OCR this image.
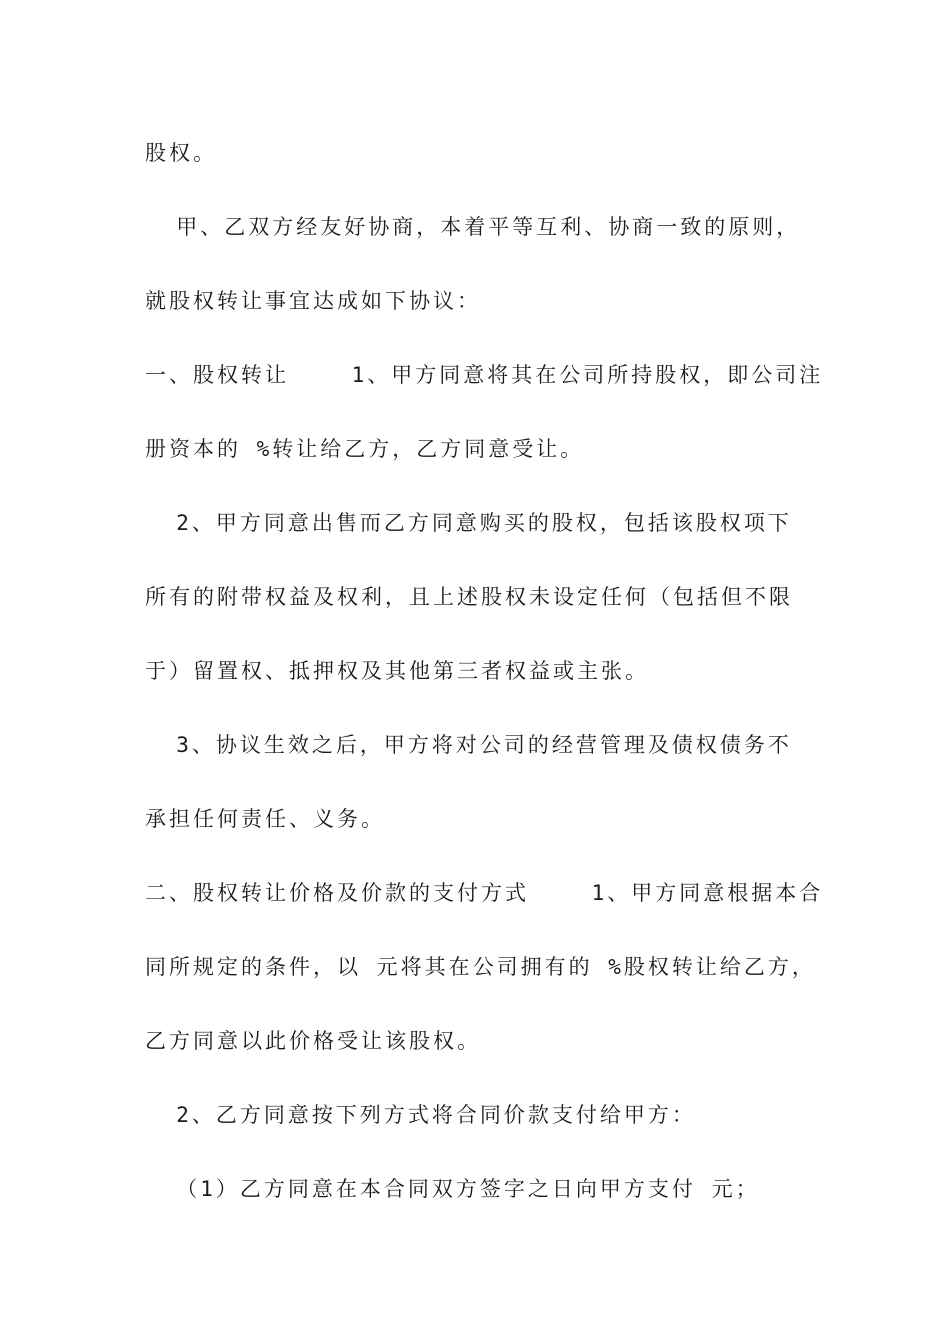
股权。
甲、乙双方经友好协商，本着平等互利、协商一致的原则，
就股权转让事宜达成如下协议：
一、股权转让    1、甲方同意将其在公司所持股权，即公司注
册资本的 %转让给乙方，乙方同意受让。
2、甲方同意出售而乙方同意购买的股权，包括该股权项下
所有的附带权益及权利，且上述股权未设定任何（包括但不限
于）留置权、抵押权及其他第三者权益或主张。
3、协议生效之后，甲方将对公司的经营管理及债权债务不
承担任何责任、义务。
二、股权转让价格及价款的支付方式    1、甲方同意根据本合
同所规定的条件，以 元将其在公司拥有的 %股权转让给乙方，
乙方同意以此价格受让该股权。
2、乙方同意按下列方式将合同价款支付给甲方：
（1）乙方同意在本合同双方签字之日向甲方支付 元；
